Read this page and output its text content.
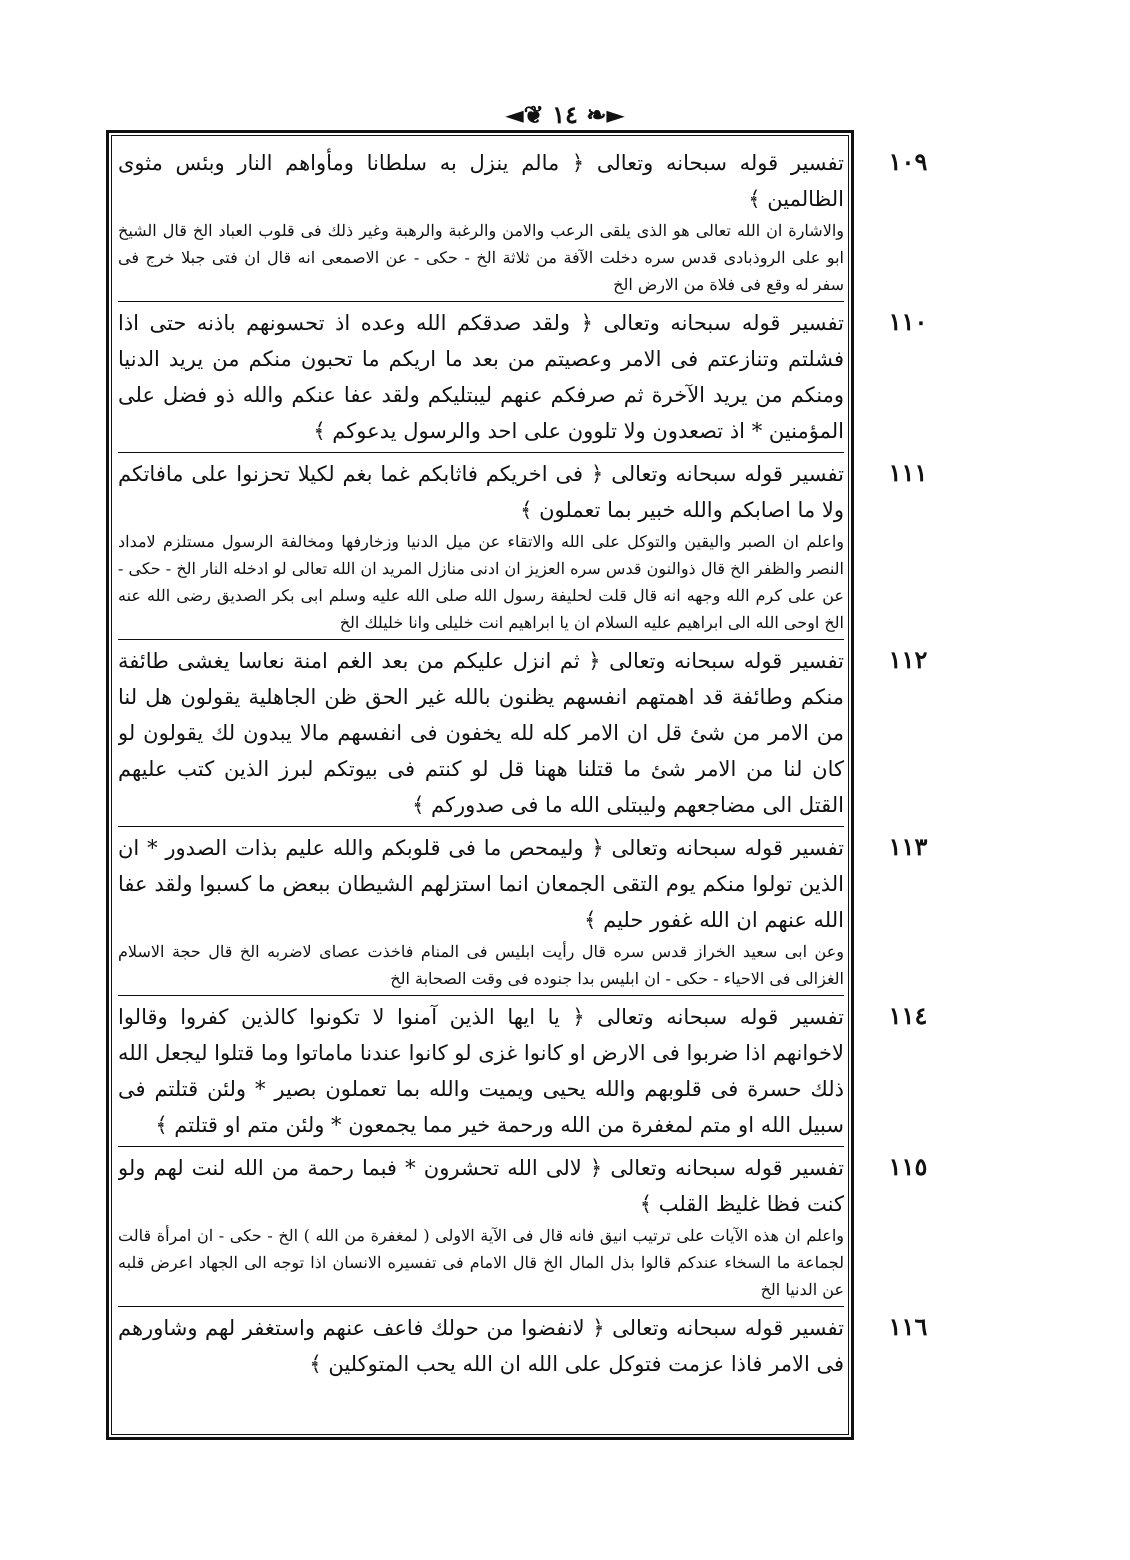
◄❦ ١٤ ❧►

تفسير قوله سبحانه وتعالى ﴿ مالم ينزل به سلطانا ومأواهم النار وبئس مثوى الظالمين ﴾

والاشارة ان الله تعالى هو الذى يلقى الرعب والامن والرغبة والرهبة وغير ذلك فى قلوب العباد الخ قال الشيخ ابو على الروذبادى قدس سره دخلت الآفة من ثلاثة الخ - حكى - عن الاصمعى انه قال ان فتى جبلا خرج فى سفر له وقع فى فلاة من الارض الخ

تفسير قوله سبحانه وتعالى ﴿ ولقد صدقكم الله وعده اذ تحسونهم باذنه حتى اذا فشلتم وتنازعتم فى الامر وعصيتم من بعد ما اريكم ما تحبون منكم من يريد الدنيا ومنكم من يريد الآخرة ثم صرفكم عنهم ليبتليكم ولقد عفا عنكم والله ذو فضل على المؤمنين * اذ تصعدون ولا تلوون على احد والرسول يدعوكم ﴾

تفسير قوله سبحانه وتعالى ﴿ فى اخريكم فاثابكم غما بغم لكيلا تحزنوا على مافاتكم ولا ما اصابكم والله خبير بما تعملون ﴾

واعلم ان الصبر واليقين والتوكل على الله والاتقاء عن ميل الدنيا وزخارفها ومخالفة الرسول مستلزم لامداد النصر والظفر الخ قال ذوالنون قدس سره العزيز ان ادنى منازل المريد ان الله تعالى لو ادخله النار الخ - حكى - عن على كرم الله وجهه انه قال قلت لحليفة رسول الله صلى الله عليه وسلم ابى بكر الصديق رضى الله عنه الخ اوحى الله الى ابراهيم عليه السلام ان يا ابراهيم انت خليلى وانا خليلك الخ

تفسير قوله سبحانه وتعالى ﴿ ثم انزل عليكم من بعد الغم امنة نعاسا يغشى طائفة منكم وطائفة قد اهمتهم انفسهم يظنون بالله غير الحق ظن الجاهلية يقولون هل لنا من الامر من شئ قل ان الامر كله لله يخفون فى انفسهم مالا يبدون لك يقولون لو كان لنا من الامر شئ ما قتلنا ههنا قل لو كنتم فى بيوتكم لبرز الذين كتب عليهم القتل الى مضاجعهم وليبتلى الله ما فى صدوركم ﴾

تفسير قوله سبحانه وتعالى ﴿ وليمحص ما فى قلوبكم والله عليم بذات الصدور * ان الذين تولوا منكم يوم التقى الجمعان انما استزلهم الشيطان ببعض ما كسبوا ولقد عفا الله عنهم ان الله غفور حليم ﴾

وعن ابى سعيد الخراز قدس سره قال رأيت ابليس فى المنام فاخذت عصاى لاضربه الخ قال حجة الاسلام الغزالى فى الاحياء - حكى - ان ابليس بدا جنوده فى وقت الصحابة الخ

تفسير قوله سبحانه وتعالى ﴿ يا ايها الذين آمنوا لا تكونوا كالذين كفروا وقالوا لاخوانهم اذا ضربوا فى الارض او كانوا غزى لو كانوا عندنا ماماتوا وما قتلوا ليجعل الله ذلك حسرة فى قلوبهم والله يحيى ويميت والله بما تعملون بصير * ولئن قتلتم فى سبيل الله او متم لمغفرة من الله ورحمة خير مما يجمعون * ولئن متم او قتلتم ﴾

تفسير قوله سبحانه وتعالى ﴿ لالى الله تحشرون * فبما رحمة من الله لنت لهم ولو كنت فظا غليظ القلب ﴾

واعلم ان هذه الآيات على ترتيب انيق فانه قال فى الآية الاولى ( لمغفرة من الله ) الخ - حكى - ان امرأة قالت لجماعة ما السخاء عندكم قالوا بذل المال الخ قال الامام فى تفسيره الانسان اذا توجه الى الجهاد اعرض قلبه عن الدنيا الخ

تفسير قوله سبحانه وتعالى ﴿ لانفضوا من حولك فاعف عنهم واستغفر لهم وشاورهم فى الامر فاذا عزمت فتوكل على الله ان الله يحب المتوكلين ﴾

١٠٩
١١٠
١١١
١١٢
١١٣
١١٤
١١٥
١١٦
